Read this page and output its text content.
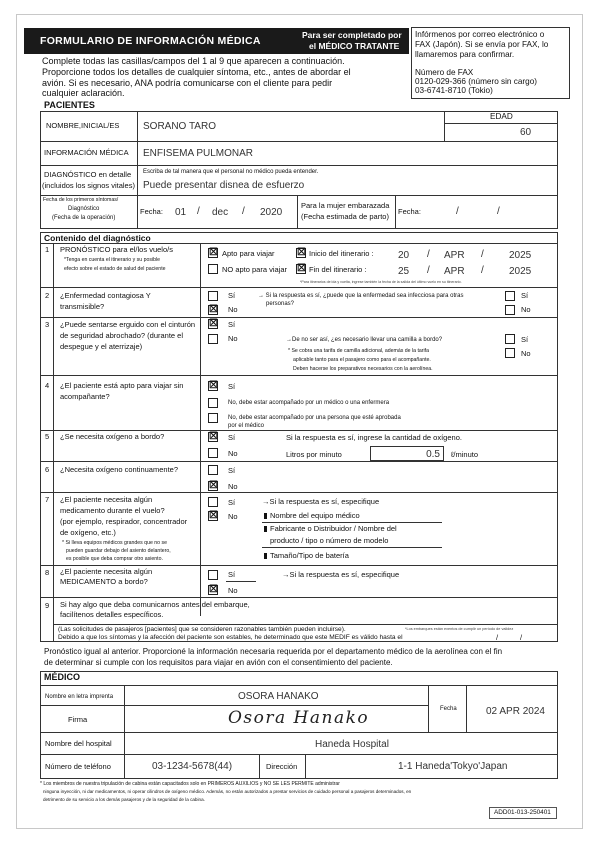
FORMULARIO DE INFORMACIÓN MÉDICA	Para ser completado por
el MÉDICO TRATANTE
Complete todas las casillas/campos del 1 al 9 que aparecen a continuación.
Proporcione todos los detalles de cualquier síntoma, etc., antes de abordar el
avión. Si es necesario, ANA podría comunicarse con el cliente para pedir
cualquier aclaración.
Infórmenos por correo electrónico o
FAX (Japón). Si se envía por FAX, lo
llamaremos para confirmar.
Número de FAX
0120-029-366 (número sin cargo)
03-6741-8710 (Tokio)
PACIENTES
EDAD
60
NOMBRE,INICIAL/ES SORANO TARO
INFORMACIÓN MÉDICA ENFISEMA PULMONAR
DIAGNÓSTICO en detalle
(incluidos los signos vitales)
Escriba de tal manera que el personal no médico pueda entender.
Puede presentar disnea de esfuerzo
Fecha de los primeros síntomas/
Diagnóstico
(Fecha de la operación)
Fecha: 01 / dec / 2020
Para la mujer embarazada
(Fecha estimada de parto)
Fecha:	/	/
Contenido del diagnóstico
1 PRONÓSTICO para el/los vuelo/s
*Tenga en cuenta el itinerario y su posible
efecto sobre el estado de salud del paciente
☒ Apto para viajar
NO apto para viajar
☒ Inicio del itinerario : 20 / APR /	2025
☒ Fin del itinerario :	25 / APR /	2025
*Para itinerarios de ida y vuelta, ingrese también la fecha de la salida del último vuelo en su itinerario.
2 ¿Enfermedad contagiosa Y
transmisible?
Sí
☒ No
→ Si la respuesta es sí, ¿puede que la enfermedad sea infecciosa para otras
personas?
Sí
No
3 ¿Puede sentarse erguido con el cinturón
de seguridad abrochado? (durante el
despegue y el aterrizaje)
☒ Sí
No	→De no ser así, ¿es necesario llevar una camilla a bordo?
* Se cobra una tarifa de camilla adicional, además de la tarifa
aplicable tanto para el pasajero como para el acompañante.
Deben hacerse los preparativos necesarios con la aerolínea.
Sí
No
4 ¿El paciente está apto para viajar sin
acompañante?
☒ Sí
No, debe estar acompañado por un médico o una enfermera
No, debe estar acompañado por una persona que esté aprobada
por el médico
5 ¿Se necesita oxígeno a bordo?	☒ Sí
No
Si la respuesta es sí, ingrese la cantidad de oxígeno.
Litros por minuto	0.5 ℓ/minuto
6 ¿Necesita oxígeno continuamente?	Sí
☒ No
7 ¿El paciente necesita algún
medicamento durante el vuelo?
(por ejemplo, respirador, concentrador
de oxígeno, etc.)
* Si lleva equipos médicos grandes que no se
pueden guardar debajo del asiento delantero,
es posible que deba comprar otro asiento.
Sí
☒ No
→Si la respuesta es sí, especifique
Nombre del equipo médico
Fabricante o Distribuidor / Nombre del
producto / tipo o número de modelo
Tamaño/Tipo de batería
8 ¿El paciente necesita algún
MEDICAMENTO a bordo?
Sí
☒ No
→Si la respuesta es sí, especifique
9 Si hay algo que deba comunicarnos antes del embarque,
facilítenos detalles específicos.
(Las solicitudes de pasajeros [pacientes] que se consideren razonables también pueden incluirse).	*Los embarques están exentos de cumplir un período de validez
Debido a que los síntomas y la afección del paciente son estables, he determinado que este MEDIF es válido hasta el	/	/
Pronóstico igual al anterior. Proporcioné la información necesaria requerida por el departamento médico de la aerolínea con el fin
de determinar si cumple con los requisitos para viajar en avión con el consentimiento del paciente.
MÉDICO
Nombre en letra imprenta	OSORA HANAKO
Fecha	02 APR 2024
Firma	Osora Hanako
Nombre del hospital	Haneda Hospital
Número de teléfono	03-1234-5678(44)	Dirección	1-1 Haneda'Tokyo'Japan
* Los miembros de nuestra tripulación de cabina están capacitados solo en PRIMEROS AUXILIOS y NO SE LES PERMITE administrar
ninguna inyección, ni dar medicamentos, ni operar cilindros de oxígeno médico. Además, no están autorizados a prestar servicios de cuidado personal a pasajeros determinados, en
detrimento de su servicio a los demás pasajeros y de la seguridad de la cabina.
ADD01-013-250401
